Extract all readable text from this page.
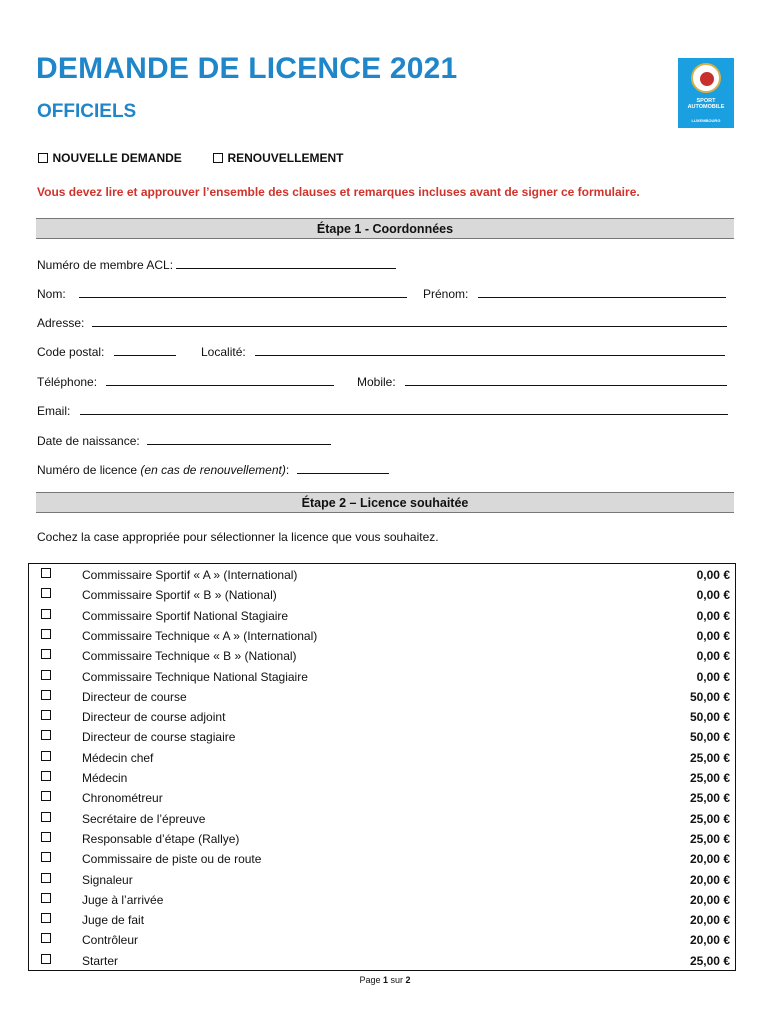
DEMANDE DE LICENCE 2021
OFFICIELS	SPORT
AUTOMOBILE
LUXEMBOURG
NOUVELLE DEMANDE	RENOUVELLEMENT
Vous devez lire et approuver l’ensemble des clauses et remarques incluses avant de signer ce formulaire.
Étape 1 - Coordonnées
Numéro de membre ACL:
Nom:	Prénom:
Adresse:
Code postal:	Localité:
Téléphone:	Mobile:
Email:
Date de naissance:
Numéro de licence (en cas de renouvellement):
Étape 2 – Licence souhaitée
Cochez la case appropriée pour sélectionner la licence que vous souhaitez.
Commissaire Sportif « A » (International)	0,00 €
Commissaire Sportif « B » (National)	0,00 €
Commissaire Sportif National Stagiaire	0,00 €
Commissaire Technique « A » (International)	0,00 €
Commissaire Technique « B » (National)	0,00 €
Commissaire Technique National Stagiaire	0,00 €
Directeur de course	50,00 €
Directeur de course adjoint	50,00 €
Directeur de course stagiaire	50,00 €
Médecin chef	25,00 €
Médecin	25,00 €
Chronométreur	25,00 €
Secrétaire de l’épreuve	25,00 €
Responsable d’étape (Rallye)	25,00 €
Commissaire de piste ou de route	20,00 €
Signaleur	20,00 €
Juge à l’arrivée	20,00 €
Juge de fait	20,00 €
Contrôleur	20,00 €
Starter	25,00 €
Page 1 sur 2
